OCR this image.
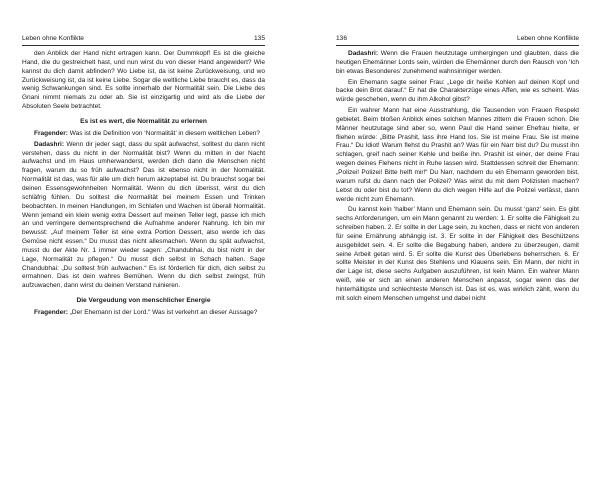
Leben ohne Konflikte	135

den Anblick der Hand nicht ertragen kann. Der Dummkopf! Es ist die gleiche Hand, die du gestreichelt hast, und nun wirst du von dieser Hand angewidert? Wie kannst du dich damit abfinden? Wo Liebe ist, da ist keine Zurückweisung, und wo Zurückweisung ist, da ist keine Liebe. Sogar die weltliche Liebe braucht es, dass da wenig Schwankungen sind. Es sollte innerhalb der Normalität sein. Die Liebe des Gnani nimmt niemals zu oder ab. Sie ist einzigartig und wird als die Liebe der Absoluten Seele betrachtet.

Es ist es wert, die Normalität zu erlernen

Fragender: Was ist die Definition von ‘Normalität’ in diesem weltlichen Leben?

Dadashri: Wenn dir jeder sagt, dass du spät aufwachst, solltest du dann nicht verstehen, dass du nicht in der Normalität bist? Wenn du mitten in der Nacht aufwachst und im Haus umherwanderst, werden dich dann die Menschen nicht fragen, warum du so früh aufwachst? Das ist ebenso nicht in der Normalität. Normalität ist das, was für alle um dich herum akzeptabel ist. Du brauchst sogar bei deinen Essensgewohnheiten Normalität. Wenn du dich überisst, wirst du dich schläfrig fühlen. Du solltest die Normalität bei meinem Essen und Trinken beobachten. In meinen Handlungen, im Schlafen und Wachen ist überall Normalität. Wenn jemand ein klein wenig extra Dessert auf meinen Teller legt, passe ich mich an und verringere dementsprechend die Aufnahme anderer Nahrung. Ich bin mir bewusst: „Auf meinem Teller ist eine extra Portion Dessert, also werde ich das Gemüse nicht essen.“ Du musst das nicht allesmachen. Wenn du spät aufwachst, musst du der Akte Nr. 1 immer wieder sagen: „Chandubhai, du bist nicht in der Lage, Normalität zu pflegen.“ Du musst dich selbst in Schach halten. Sage Chandubhai: „Du solltest früh aufwachen.“ Es ist förderlich für dich, dich selbst zu ermahnen. Das ist dein wahres Bemühen. Wenn du dich selbst zwingst, früh aufzuwachen, dann wirst du deinen Verstand ruinieren.

Die Vergeudung von menschlicher Energie

Fragender: „Der Ehemann ist der Lord.“ Was ist verkehrt an dieser Aussage?

136	Leben ohne Konflikte

Dadashri: Wenn die Frauen heutzutage umhergingen und glaubten, dass die heutigen Ehemänner Lords sein, würden die Ehemänner durch den Rausch von ‘Ich bin etwas Besonderes’ zunehmend wahnsinniger werden.

Ein Ehemann sagte seiner Frau: „Lege dir heiße Kohlen auf deinen Kopf und backe dein Brot darauf.“ Er hat die Charakterzüge eines Affen, wie es scheint. Was würde geschehen, wenn du ihm Alkohol gibst?

Ein wahrer Mann hat eine Ausstrahlung, die Tausenden von Frauen Respekt gebietet. Beim bloßen Anblick eines solchen Mannes zittern die Frauen schon. Die Männer heutzutage sind aber so, wenn Paul die Hand seiner Ehefrau hielte, er fliehen würde: „Bitte Prashit, lass ihre Hand los. Sie ist meine Frau. Sie ist meine Frau.“ Du Idiot! Warum flehst du Prashit an? Was für ein Narr bist du? Du musst ihn schlagen, greif nach seiner Kehle und beiße ihn. Prashit ist einer, der deine Frau wegen deines Flehens nicht in Ruhe lassen wird. Stattdessen schreit der Ehemann: „Polizei! Polizei! Bitte helft mir!“ Du Narr, nachdem du ein Ehemann geworden bist, warum rufst du dann nach der Polizei? Was wirst du mit dem Polizisten machen? Lebst du oder bist du tot? Wenn du dich wegen Hilfe auf die Polizei verlässt, dann werde nicht zum Ehemann.

Du kannst kein ‘halber’ Mann und Ehemann sein. Du musst ‘ganz’ sein. Es gibt sechs Anforderungen, um ein Mann genannt zu werden: 1. Er sollte die Fähigkeit zu schreiben haben. 2. Er sollte in der Lage sein, zu kochen, dass er nicht von anderen für seine Ernährung abhängig ist. 3. Er sollte in der Fähigkeit des Beschützens ausgebildet sein. 4. Er sollte die Begabung haben, andere zu überzeugen, damit seine Arbeit getan wird. 5. Er sollte die Kunst des Überlebens beherrschen. 6. Er sollte Meister in der Kunst des Stehlens und Klauens sein. Ein Mann, der nicht in der Lage ist, diese sechs Aufgaben auszuführen, ist kein Mann. Ein wahrer Mann weiß, wie er sich an einen anderen Menschen anpasst, sogar wenn das der hinterhältigste und schlechteste Mensch ist. Das ist es, was wirklich zählt, wenn du mit solch einem Menschen umgehst und dabei nicht
